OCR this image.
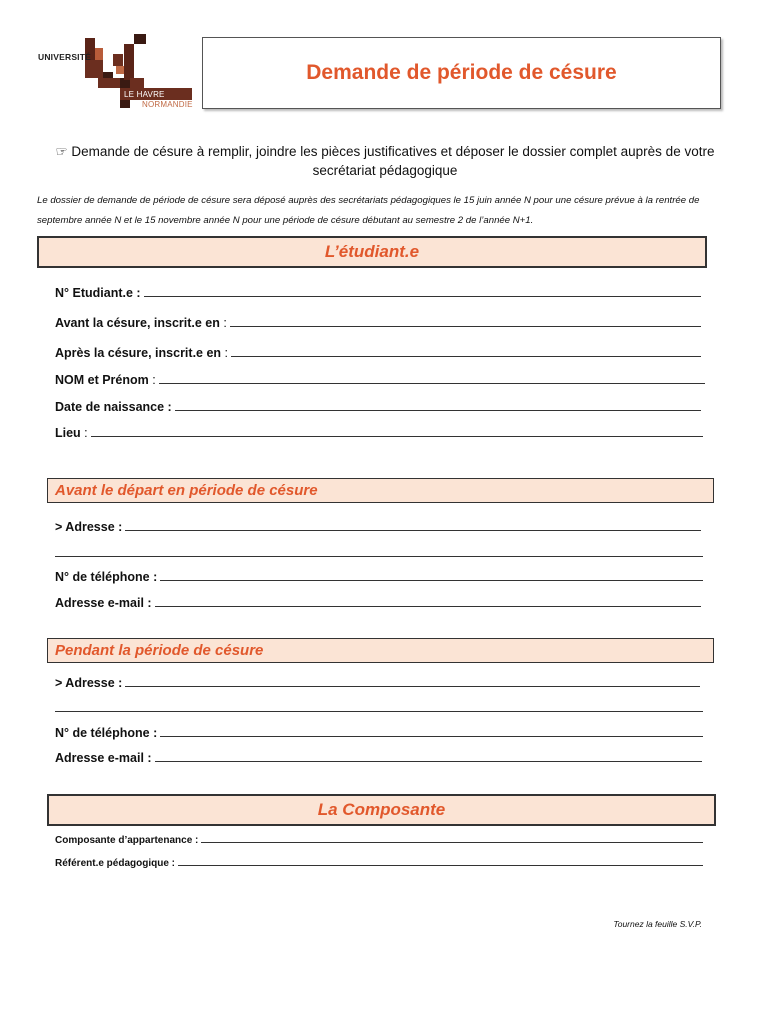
UNIVERSITÉ
LE HAVRE
NORMANDIE
Demande de période de césure
☞ Demande de césure à remplir, joindre les pièces justificatives et déposer le dossier complet auprès de votre secrétariat pédagogique
Le dossier de demande de période de césure sera déposé auprès des secrétariats pédagogiques le 15 juin année N pour une césure prévue à la rentrée de septembre année N et le 15 novembre année N pour une période de césure débutant au semestre 2 de l’année N+1.
L’étudiant.e
N° Etudiant.e :
Avant la césure, inscrit.e en :
Après la césure, inscrit.e en :
NOM et Prénom :
Date de naissance :
Lieu :
Avant le départ en période de césure
> Adresse :
N° de téléphone :
Adresse e-mail :
Pendant la période de césure
> Adresse :
N° de téléphone :
Adresse e-mail :
La Composante
Composante d’appartenance :
Référent.e pédagogique :
Tournez la feuille S.V.P.
